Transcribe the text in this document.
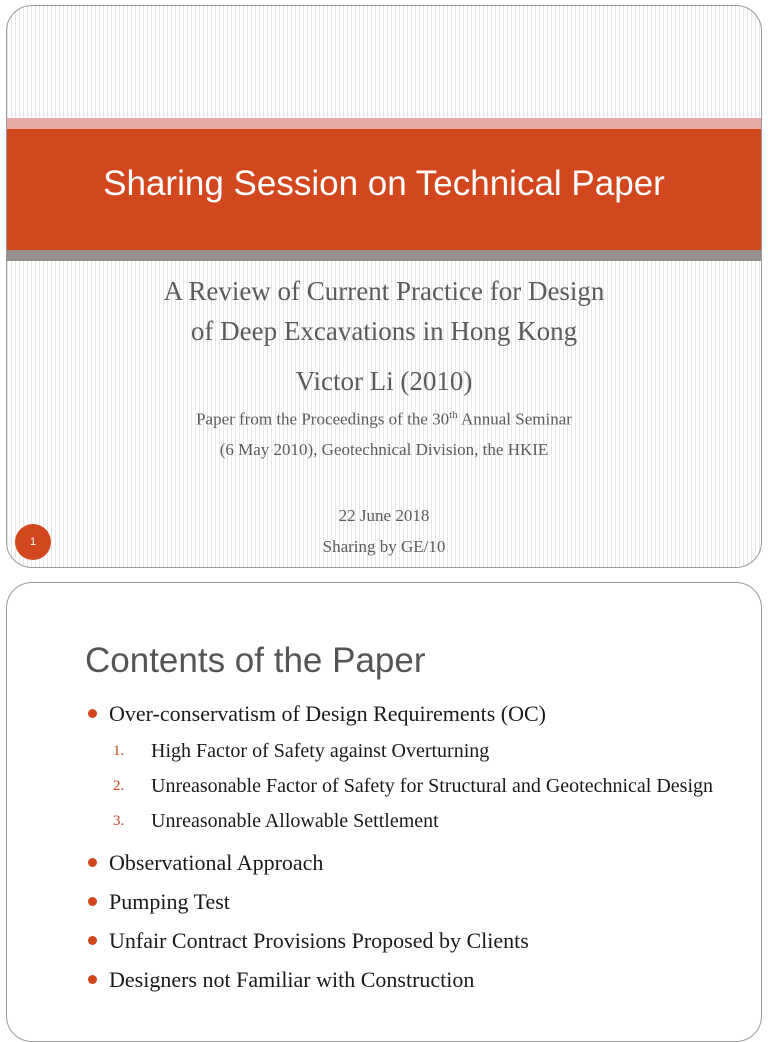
Sharing Session on Technical Paper
A Review of Current Practice for Design
of Deep Excavations in Hong Kong
Victor Li (2010)
Paper from the Proceedings of the 30th Annual Seminar
(6 May 2010), Geotechnical Division, the HKIE
22 June 2018
Sharing by GE/10
1
Contents of the Paper
Over-conservatism of Design Requirements (OC)
1. High Factor of Safety against Overturning
2. Unreasonable Factor of Safety for Structural and Geotechnical Design
3. Unreasonable Allowable Settlement
Observational Approach
Pumping Test
Unfair Contract Provisions Proposed by Clients
Designers not Familiar with Construction
